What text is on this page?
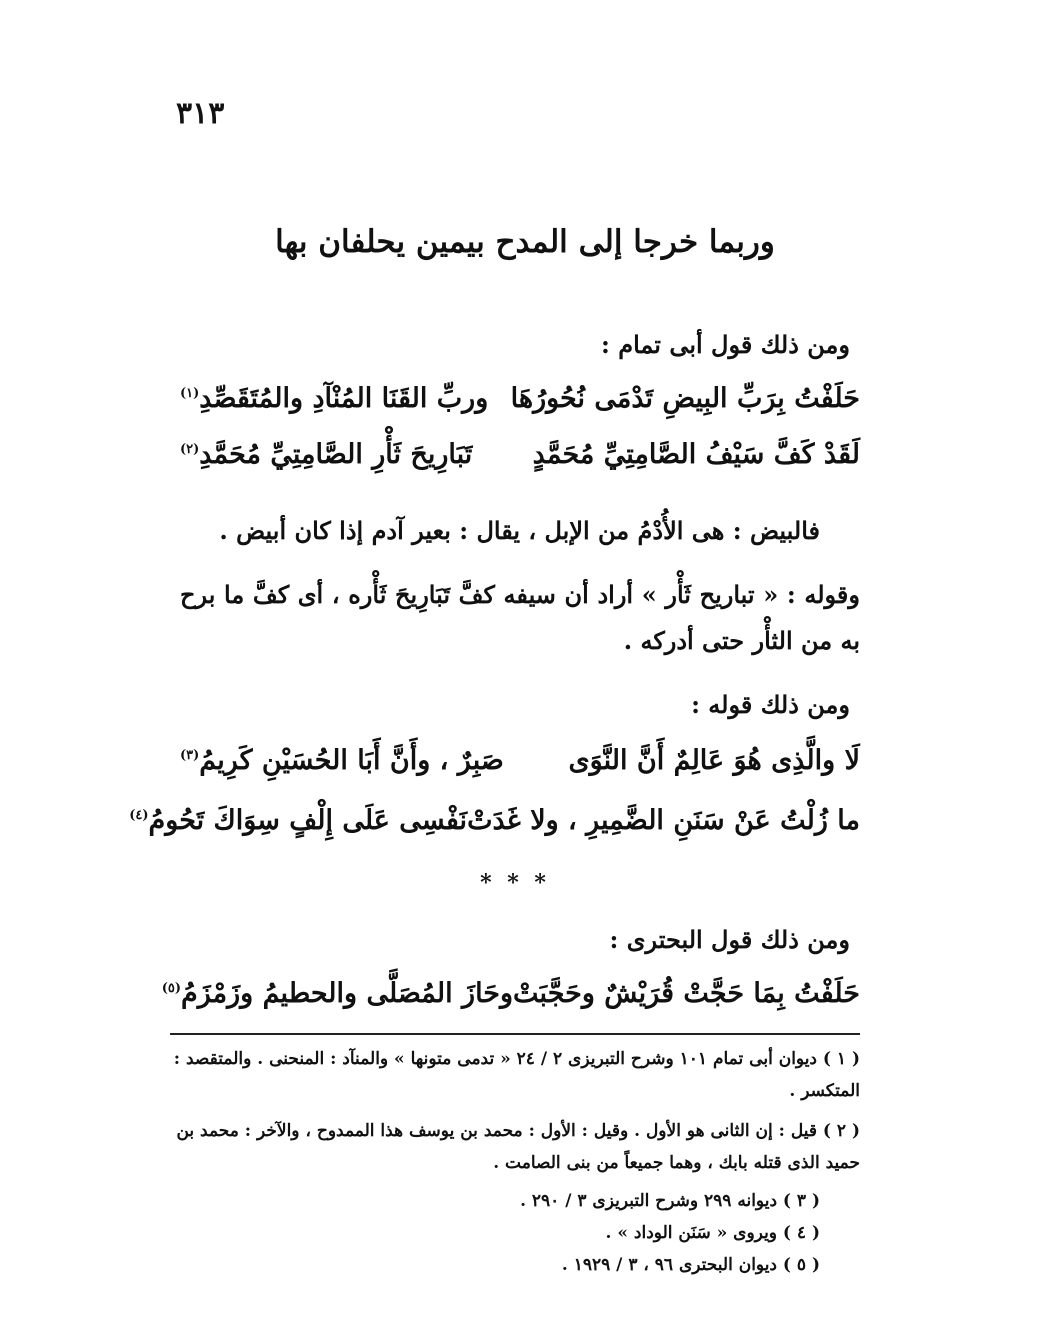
٣١٣
وربما خرجا إلى المدح بيمين يحلفان بها
ومن ذلك قول أبى تمام :
حَلَفْتُ بِرَبِّ البِيضِ تَدْمَى نُحُورُهَا
وربِّ القَنَا المُنْآدِ والمُتَقَصِّدِ$^{(١)}$
لَقَدْ كَفَّ سَيْفُ الصَّامِتِيِّ مُحَمَّدٍ
تَبَارِيحَ ثَأْرِ الصَّامِتِيِّ مُحَمَّدِ$^{(٢)}$
فالبيض : هى الأُدْمُ من الإبل ، يقال : بعير آدم إذا كان أبيض .
وقوله : « تباريح ثَأْر » أراد أن سيفه كفَّ تَبَارِيحَ ثَأْره ، أى كفَّ ما برح به من الثأْر حتى أدركه .
ومن ذلك قوله :
لَا والَّذِى هُوَ عَالِمٌ أَنَّ النَّوَى
صَبِرٌ ، وأَنَّ أَبَا الحُسَيْنِ كَرِيمُ$^{(٣)}$
ما زُلْتُ عَنْ سَنَنِ الضَّمِيرِ ، ولا غَدَتْ
نَفْسِى عَلَى إِلْفٍ سِوَاكَ تَحُومُ$^{(٤)}$
* * *
ومن ذلك قول البحترى :
حَلَفْتُ بِمَا حَجَّتْ قُرَيْشٌ وحَجَّبَتْ
وحَازَ المُصَلَّى والحطيمُ وزَمْزَمُ$^{(٥)}$
( ١ ) ديوان أبى تمام ١٠١ وشرح التبريزى ٢ / ٢٤ « تدمى متونها » والمنآد : المنحنى . والمتقصد : المتكسر .
( ٢ ) قيل : إن الثانى هو الأول . وقيل : الأول : محمد بن يوسف هذا الممدوح ، والآخر : محمد بن حميد الذى قتله بابك ، وهما جميعاً من بنى الصامت .
( ٣ ) ديوانه ٢٩٩ وشرح التبريزى ٣ / ٢٩٠ .
( ٤ ) ويروى « سَنَن الوداد » .
( ٥ ) ديوان البحترى ٩٦ ، ٣ / ١٩٢٩ .
